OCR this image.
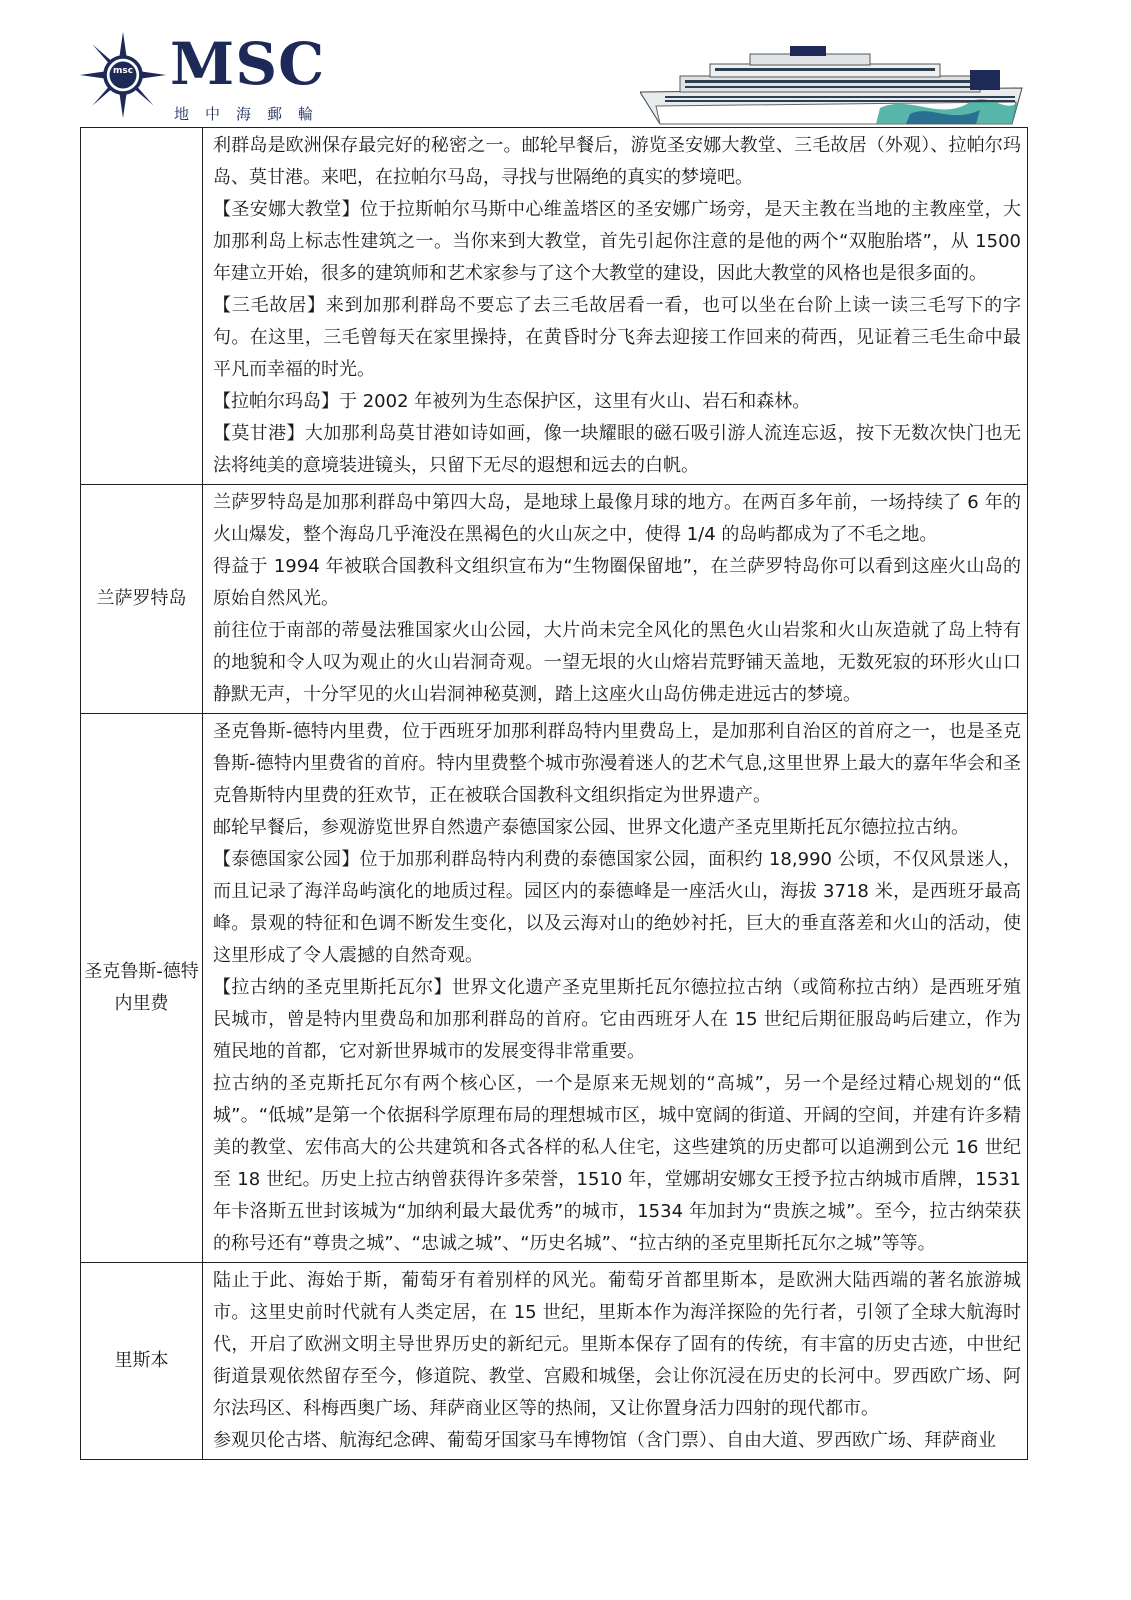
msc MSC
地中海郵輪

	利群岛是欧洲保存最完好的秘密之一。邮轮早餐后，游览圣安娜大教堂、三毛故居（外观）、拉帕尔玛岛、莫甘港。来吧，在拉帕尔马岛，寻找与世隔绝的真实的梦境吧。

【圣安娜大教堂】位于拉斯帕尔马斯中心维盖塔区的圣安娜广场旁，是天主教在当地的主教座堂，大加那利岛上标志性建筑之一。当你来到大教堂，首先引起你注意的是他的两个“双胞胎塔”，从 1500 年建立开始，很多的建筑师和艺术家参与了这个大教堂的建设，因此大教堂的风格也是很多面的。

【三毛故居】来到加那利群岛不要忘了去三毛故居看一看，也可以坐在台阶上读一读三毛写下的字句。在这里，三毛曾每天在家里操持，在黄昏时分飞奔去迎接工作回来的荷西，见证着三毛生命中最平凡而幸福的时光。

【拉帕尔玛岛】于 2002 年被列为生态保护区，这里有火山、岩石和森林。

【莫甘港】大加那利岛莫甘港如诗如画，像一块耀眼的磁石吸引游人流连忘返，按下无数次快门也无法将纯美的意境装进镜头，只留下无尽的遐想和远去的白帆。

兰萨罗特岛	兰萨罗特岛是加那利群岛中第四大岛，是地球上最像月球的地方。在两百多年前，一场持续了 6 年的火山爆发，整个海岛几乎淹没在黑褐色的火山灰之中，使得 1/4 的岛屿都成为了不毛之地。

得益于 1994 年被联合国教科文组织宣布为“生物圈保留地”，在兰萨罗特岛你可以看到这座火山岛的原始自然风光。

前往位于南部的蒂曼法雅国家火山公园，大片尚未完全风化的黑色火山岩浆和火山灰造就了岛上特有的地貌和令人叹为观止的火山岩洞奇观。一望无垠的火山熔岩荒野铺天盖地，无数死寂的环形火山口静默无声，十分罕见的火山岩洞神秘莫测，踏上这座火山岛仿佛走进远古的梦境。

圣克鲁斯-德特内里费	圣克鲁斯-德特内里费，位于西班牙加那利群岛特内里费岛上，是加那利自治区的首府之一，也是圣克鲁斯-德特内里费省的首府。特内里费整个城市弥漫着迷人的艺术气息,这里世界上最大的嘉年华会和圣克鲁斯特内里费的狂欢节，正在被联合国教科文组织指定为世界遗产。

邮轮早餐后，参观游览世界自然遗产泰德国家公园、世界文化遗产圣克里斯托瓦尔德拉拉古纳。

【泰德国家公园】位于加那利群岛特内利费的泰德国家公园，面积约 18,990 公顷，不仅风景迷人，而且记录了海洋岛屿演化的地质过程。园区内的泰德峰是一座活火山，海拔 3718 米，是西班牙最高峰。景观的特征和色调不断发生变化，以及云海对山的绝妙衬托，巨大的垂直落差和火山的活动，使这里形成了令人震撼的自然奇观。

【拉古纳的圣克里斯托瓦尔】世界文化遗产圣克里斯托瓦尔德拉拉古纳（或简称拉古纳）是西班牙殖民城市，曾是特内里费岛和加那利群岛的首府。它由西班牙人在 15 世纪后期征服岛屿后建立，作为殖民地的首都，它对新世界城市的发展变得非常重要。

拉古纳的圣克斯托瓦尔有两个核心区，一个是原来无规划的“高城”，另一个是经过精心规划的“低城”。“低城”是第一个依据科学原理布局的理想城市区，城中宽阔的街道、开阔的空间，并建有许多精美的教堂、宏伟高大的公共建筑和各式各样的私人住宅，这些建筑的历史都可以追溯到公元 16 世纪至 18 世纪。历史上拉古纳曾获得许多荣誉，1510 年，堂娜胡安娜女王授予拉古纳城市盾牌，1531 年卡洛斯五世封该城为“加纳利最大最优秀”的城市，1534 年加封为“贵族之城”。至今，拉古纳荣获的称号还有“尊贵之城”、“忠诚之城”、“历史名城”、“拉古纳的圣克里斯托瓦尔之城”等等。

里斯本	陆止于此、海始于斯，葡萄牙有着别样的风光。葡萄牙首都里斯本，是欧洲大陆西端的著名旅游城市。这里史前时代就有人类定居，在 15 世纪，里斯本作为海洋探险的先行者，引领了全球大航海时代，开启了欧洲文明主导世界历史的新纪元。里斯本保存了固有的传统，有丰富的历史古迹，中世纪街道景观依然留存至今，修道院、教堂、宫殿和城堡，会让你沉浸在历史的长河中。罗西欧广场、阿尔法玛区、科梅西奥广场、拜萨商业区等的热闹，又让你置身活力四射的现代都市。

参观贝伦古塔、航海纪念碑、葡萄牙国家马车博物馆（含门票）、自由大道、罗西欧广场、拜萨商业
